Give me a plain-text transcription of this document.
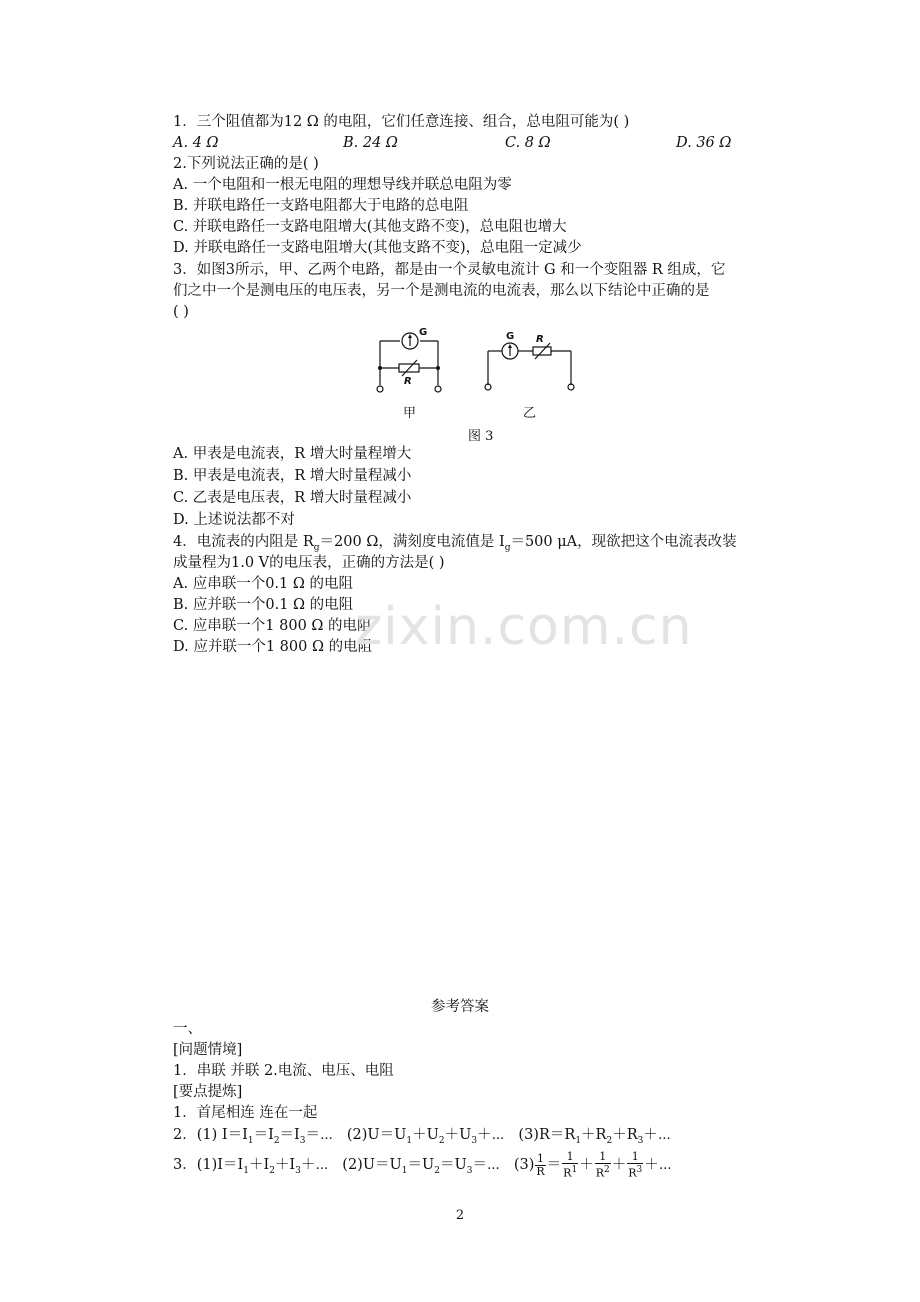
1．三个阻值都为12 Ω 的电阻，它们任意连接、组合，总电阻可能为( )
A. 4 Ω	B. 24 Ω	C. 8 Ω	D. 36 Ω
2.下列说法正确的是( )
A. 一个电阻和一根无电阻的理想导线并联总电阻为零
B. 并联电路任一支路电阻都大于电路的总电阻
C. 并联电路任一支路电阻增大(其他支路不变)，总电阻也增大
D. 并联电路任一支路电阻增大(其他支路不变)，总电阻一定减少
3．如图3所示，甲、乙两个电路，都是由一个灵敏电流计 G 和一个变阻器 R 组成，它
们之中一个是测电压的电压表，另一个是测电流的电流表，那么以下结论中正确的是
( )
G
R
G R
甲	乙
图 3
A. 甲表是电流表，R 增大时量程增大
B. 甲表是电流表，R 增大时量程减小
C. 乙表是电压表，R 增大时量程减小
D. 上述说法都不对
4．电流表的内阻是 $R_g=200$ Ω，满刻度电流值是 $I_g=500$ μA，现欲把这个电流表改装
成量程为1.0 V的电压表，正确的方法是( )
A. 应串联一个0.1 Ω 的电阻
B. 应并联一个0.1 Ω 的电阻
C. 应串联一个1 800 Ω 的电阻
D. 应并联一个1 800 Ω 的电阻
zixin.com.cn
参考答案
一、
[问题情境]
1．串联 并联 2.电流、电压、电阻
[要点提炼]
1．首尾相连 连在一起
2．(1) $I=I_1=I_2=I_3=\cdots$   $(2)U=U_1+U_2+U_3+\cdots$   $(3)R=R_1+R_2+R_3+\cdots$
3．$(1)I=I_1+I_2+I_3+\cdots$   $(2)U=U_1=U_2=U_3=\cdots$   $(3) \frac{1}{R} = \frac{1}{R^1} + \frac{1}{R^2} + \frac{1}{R^3}$ ＋⋯
2
